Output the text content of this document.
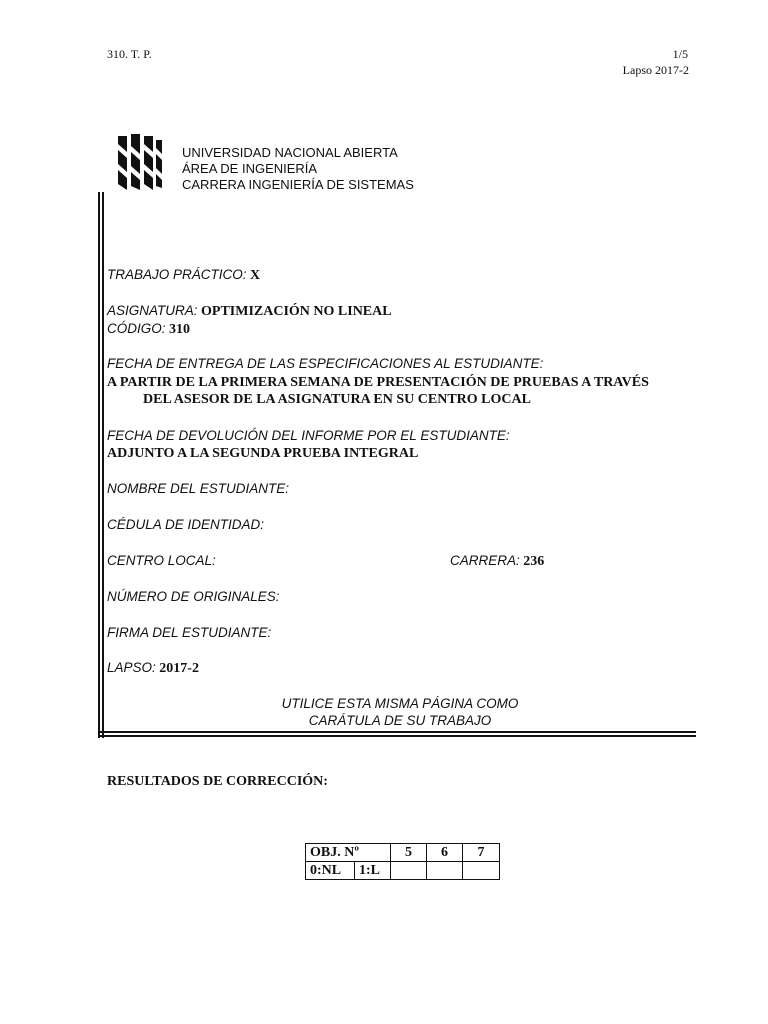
310. T. P.	1/5
Lapso 2017-2
UNIVERSIDAD NACIONAL ABIERTA
ÁREA DE INGENIERÍA
CARRERA INGENIERÍA DE SISTEMAS
TRABAJO PRÁCTICO: X
ASIGNATURA: OPTIMIZACIÓN NO LINEAL
CÓDIGO: 310
FECHA DE ENTREGA DE LAS ESPECIFICACIONES AL ESTUDIANTE:
A PARTIR DE LA PRIMERA SEMANA DE PRESENTACIÓN DE PRUEBAS A TRAVÉS
DEL ASESOR DE LA ASIGNATURA EN SU CENTRO LOCAL
FECHA DE DEVOLUCIÓN DEL INFORME POR EL ESTUDIANTE:
ADJUNTO A LA SEGUNDA PRUEBA INTEGRAL
NOMBRE DEL ESTUDIANTE:
CÉDULA DE IDENTIDAD:
CENTRO LOCAL:	CARRERA: 236
NÚMERO DE ORIGINALES:
FIRMA DEL ESTUDIANTE:
LAPSO: 2017-2
UTILICE ESTA MISMA PÁGINA COMO
CARÁTULA DE SU TRABAJO
RESULTADOS DE CORRECCIÓN:
OBJ. Nº		5	6	7
0:NL	1:L			
